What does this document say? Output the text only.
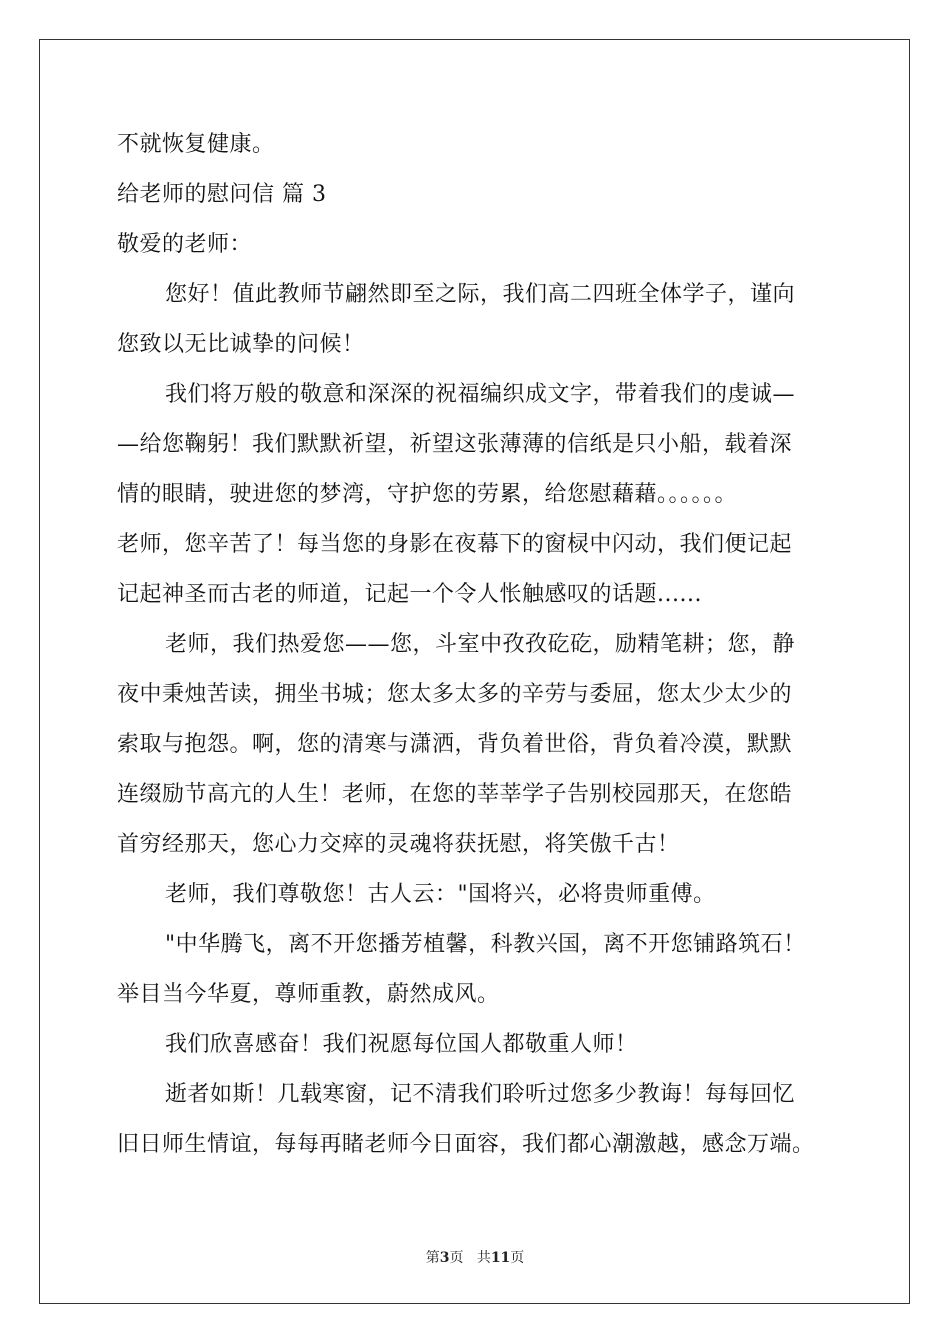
不就恢复健康。
给老师的慰问信 篇 3
敬爱的老师：
您好！值此教师节翩然即至之际，我们高二四班全体学子，谨向
您致以无比诚挚的问候！
我们将万般的敬意和深深的祝福编织成文字，带着我们的虔诚—
—给您鞠躬！我们默默祈望，祈望这张薄薄的信纸是只小船，载着深
情的眼睛，驶进您的梦湾，守护您的劳累，给您慰藉藉。。。。。。
老师，您辛苦了！每当您的身影在夜幕下的窗棂中闪动，我们便记起
记起神圣而古老的师道，记起一个令人怅触感叹的话题......
老师，我们热爱您——您，斗室中孜孜矻矻，励精笔耕；您，静
夜中秉烛苦读，拥坐书城；您太多太多的辛劳与委屈，您太少太少的
索取与抱怨。啊，您的清寒与潇洒，背负着世俗，背负着冷漠，默默
连缀励节高亢的人生！老师，在您的莘莘学子告别校园那天，在您皓
首穷经那天，您心力交瘁的灵魂将获抚慰，将笑傲千古！
老师，我们尊敬您！古人云："国将兴，必将贵师重傅。
"中华腾飞，离不开您播芳植馨，科教兴国，离不开您铺路筑石！
举目当今华夏，尊师重教，蔚然成风。
我们欣喜感奋！我们祝愿每位国人都敬重人师！
逝者如斯！几载寒窗，记不清我们聆听过您多少教诲！每每回忆
旧日师生情谊，每每再睹老师今日面容，我们都心潮激越，感念万端。
第3页 共11页
